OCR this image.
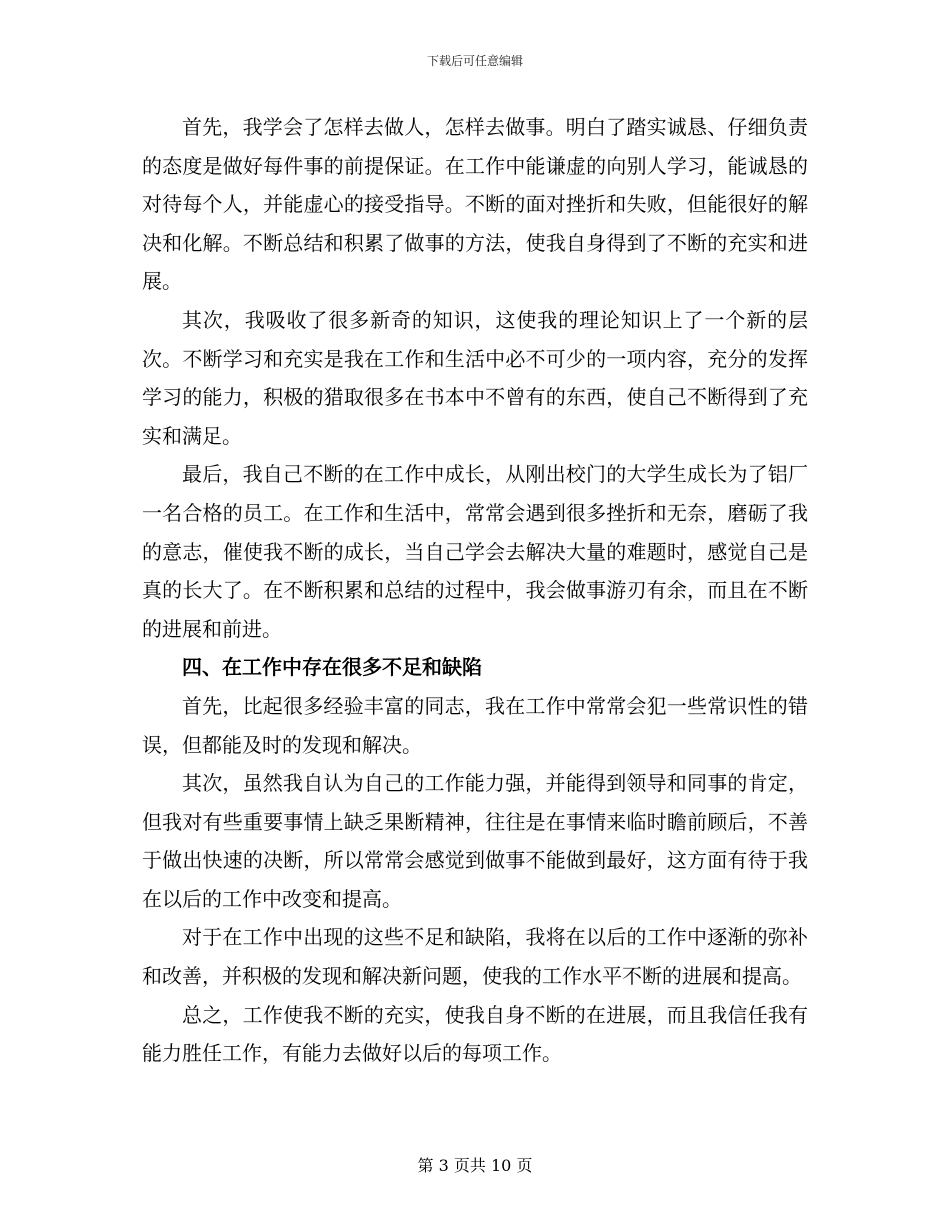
下载后可任意编辑

首先，我学会了怎样去做人，怎样去做事。明白了踏实诚恳、仔细负责的态度是做好每件事的前提保证。在工作中能谦虚的向别人学习，能诚恳的对待每个人，并能虚心的接受指导。不断的面对挫折和失败，但能很好的解决和化解。不断总结和积累了做事的方法，使我自身得到了不断的充实和进展。

其次，我吸收了很多新奇的知识，这使我的理论知识上了一个新的层次。不断学习和充实是我在工作和生活中必不可少的一项内容，充分的发挥学习的能力，积极的猎取很多在书本中不曾有的东西，使自己不断得到了充实和满足。

最后，我自己不断的在工作中成长，从刚出校门的大学生成长为了铝厂一名合格的员工。在工作和生活中，常常会遇到很多挫折和无奈，磨砺了我的意志，催使我不断的成长，当自己学会去解决大量的难题时，感觉自己是真的长大了。在不断积累和总结的过程中，我会做事游刃有余，而且在不断的进展和前进。

四、在工作中存在很多不足和缺陷

首先，比起很多经验丰富的同志，我在工作中常常会犯一些常识性的错误，但都能及时的发现和解决。

其次，虽然我自认为自己的工作能力强，并能得到领导和同事的肯定，但我对有些重要事情上缺乏果断精神，往往是在事情来临时瞻前顾后，不善于做出快速的决断，所以常常会感觉到做事不能做到最好，这方面有待于我在以后的工作中改变和提高。

对于在工作中出现的这些不足和缺陷，我将在以后的工作中逐渐的弥补和改善，并积极的发现和解决新问题，使我的工作水平不断的进展和提高。

总之，工作使我不断的充实，使我自身不断的在进展，而且我信任我有能力胜任工作，有能力去做好以后的每项工作。

第 3 页共 10 页
